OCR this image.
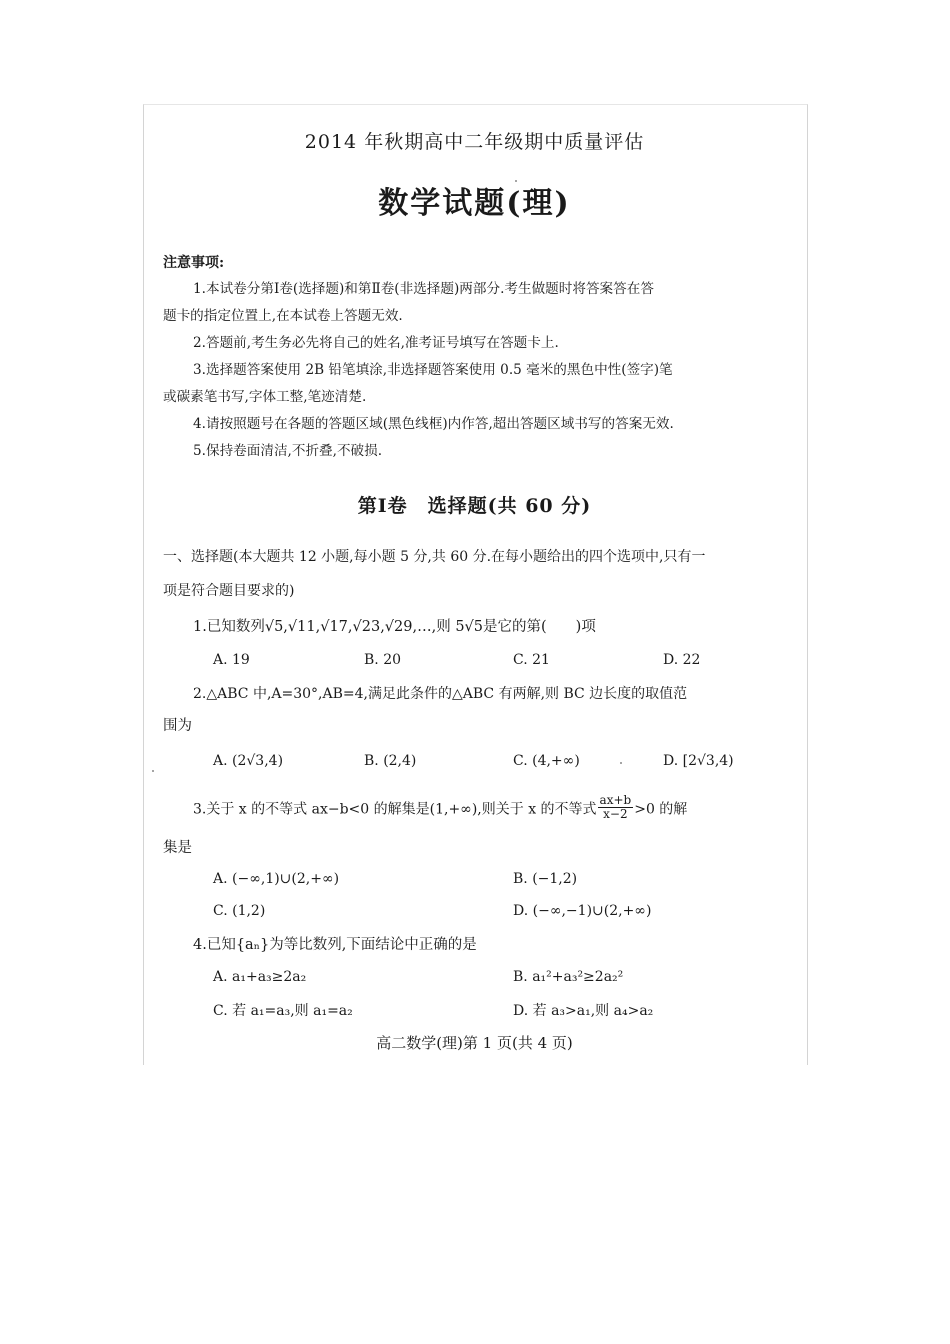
2014 年秋期高中二年级期中质量评估
数学试题(理)
注意事项:
1.本试卷分第Ⅰ卷(选择题)和第Ⅱ卷(非选择题)两部分.考生做题时将答案答在答
题卡的指定位置上,在本试卷上答题无效.
2.答题前,考生务必先将自己的姓名,准考证号填写在答题卡上.
3.选择题答案使用 2B 铅笔填涂,非选择题答案使用 0.5 毫米的黑色中性(签字)笔
或碳素笔书写,字体工整,笔迹清楚.
4.请按照题号在各题的答题区域(黑色线框)内作答,超出答题区域书写的答案无效.
5.保持卷面清洁,不折叠,不破损.
第Ⅰ卷　选择题(共 60 分)
一、选择题(本大题共 12 小题,每小题 5 分,共 60 分.在每小题给出的四个选项中,只有一
项是符合题目要求的)
1.已知数列√5,√11,√17,√23,√29,…,则 5√5是它的第(　　)项
A. 19	B. 20	C. 21	D. 22
2.△ABC 中,A=30°,AB=4,满足此条件的△ABC 有两解,则 BC 边长度的取值范
围为
A. (2√3,4)	B. (2,4)	C. (4,+∞)	D. [2√3,4)
3.关于 x 的不等式 ax−b<0 的解集是(1,+∞),则关于 x 的不等式 $\frac{ax+b}{x-2} >0$ 的解
集是
A. (−∞,1)∪(2,+∞)	B. (−1,2)
C. (1,2)	D. (−∞,−1)∪(2,+∞)
4.已知{aₙ}为等比数列,下面结论中正确的是
A. a₁+a₃≥2a₂	B. a₁²+a₃²≥2a₂²
C. 若 a₁=a₃,则 a₁=a₂	D. 若 a₃>a₁,则 a₄>a₂
高二数学(理)第 1 页(共 4 页)
